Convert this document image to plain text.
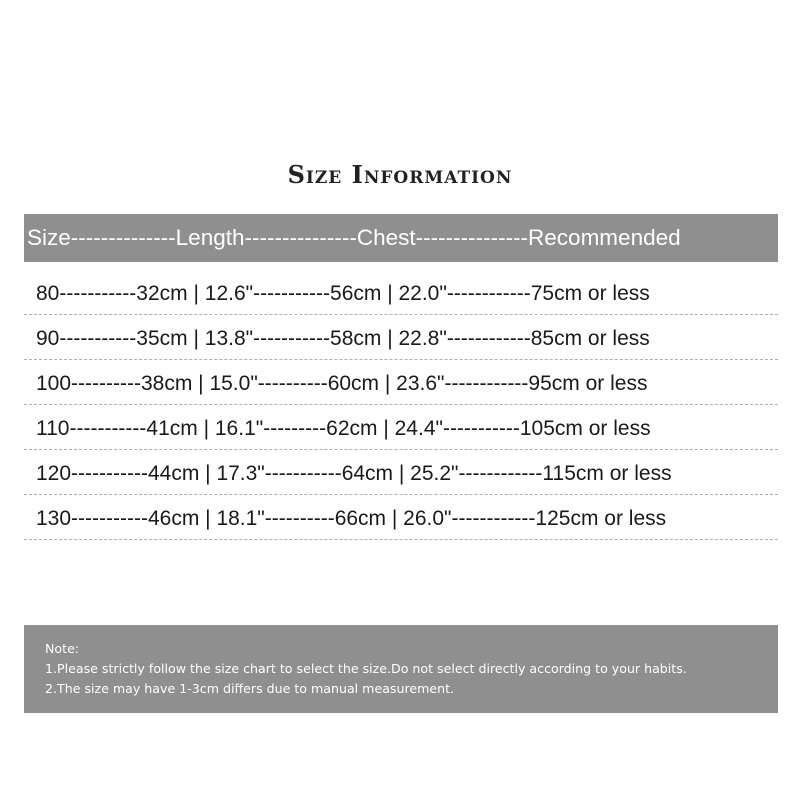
Size Information
Size--------------Length---------------Chest---------------Recommended
80-----------32cm | 12.6"-----------56cm | 22.0"------------75cm or less
90-----------35cm | 13.8"-----------58cm | 22.8"------------85cm or less
100----------38cm | 15.0"----------60cm | 23.6"------------95cm or less
110-----------41cm | 16.1"---------62cm | 24.4"-----------105cm or less
120-----------44cm | 17.3"-----------64cm | 25.2"------------115cm or less
130-----------46cm | 18.1"----------66cm | 26.0"------------125cm or less
Note:
1.Please strictly follow the size chart to select the size.Do not select directly according to your habits.
2.The size may have 1-3cm differs due to manual measurement.
